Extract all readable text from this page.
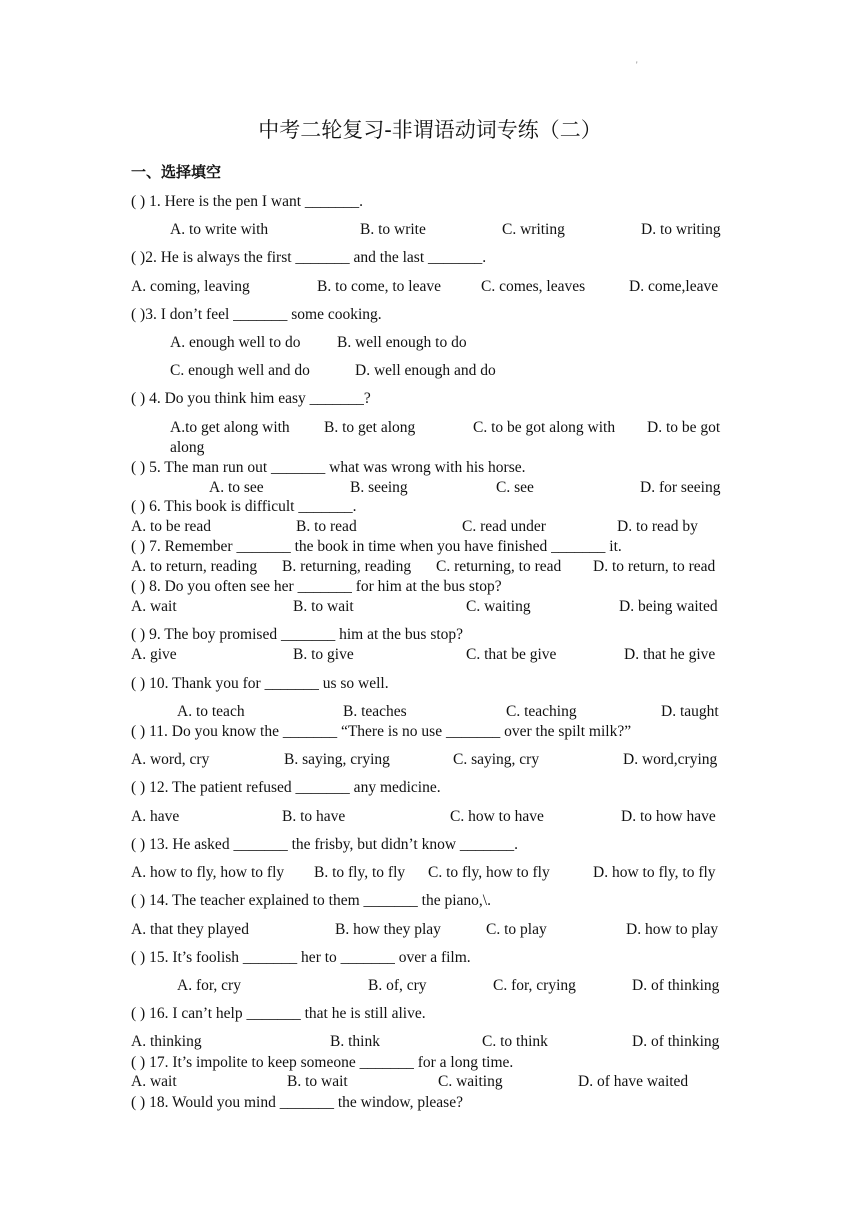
'
中考二轮复习-非谓语动词专练（二）
一、选择填空
( ) 1. Here is the pen I want _______.
A. to write with	B. to write	C. writing	D. to writing
( )2. He is always the first _______ and the last _______.
A. coming, leaving	B. to come, to leave	C. comes, leaves	D. come,leave
( )3. I don’t feel _______ some cooking.
A. enough well to do B. well enough to do
C. enough well and do	D. well enough and do
( ) 4. Do you think him easy _______?
A.to get along with B. to get along	C. to be got along with D. to be got
along
( ) 5. The man run out _______ what was wrong with his horse.
A. to see	B. seeing	C. see	D. for seeing
( ) 6. This book is difficult _______.
A. to be read	B. to read	C. read under	D. to read by
( ) 7. Remember _______ the book in time when you have finished _______ it.
A. to return, reading B. returning, reading C. returning, to read D. to return, to read
( ) 8. Do you often see her _______ for him at the bus stop?
A. wait	B. to wait	C. waiting	D. being waited
( ) 9. The boy promised _______ him at the bus stop?
A. give	B. to give	C. that be give	D. that he give
( ) 10. Thank you for _______ us so well.
A. to teach	B. teaches	C. teaching	D. taught
( ) 11. Do you know the _______ “There is no use _______ over the spilt milk?”
A. word, cry	B. saying, crying	C. saying, cry	D. word,crying
( ) 12. The patient refused _______ any medicine.
A. have	B. to have	C. how to have	D. to how have
( ) 13. He asked _______ the frisby, but didn’t know _______.
A. how to fly, how to fly B. to fly, to fly C. to fly, how to fly	D. how to fly, to fly
( ) 14. The teacher explained to them _______ the piano,\.
A. that they played	B. how they play	C. to play	D. how to play
( ) 15. It’s foolish _______ her to _______ over a film.
A. for, cry	B. of, cry	C. for, crying	D. of thinking
( ) 16. I can’t help _______ that he is still alive.
A. thinking	B. think	C. to think	D. of thinking
( ) 17. It’s impolite to keep someone _______ for a long time.
A. wait	B. to wait	C. waiting	D. of have waited
( ) 18. Would you mind _______ the window, please?
